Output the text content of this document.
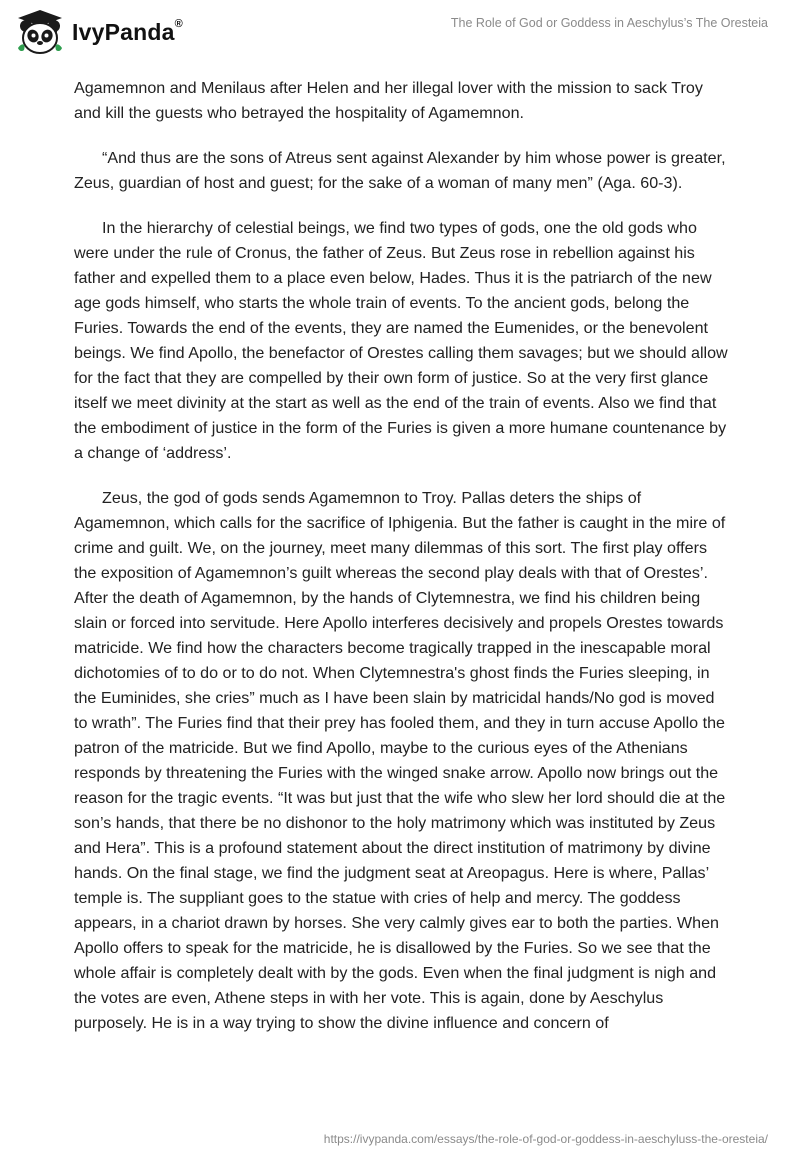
IvyPanda®	The Role of God or Goddess in Aeschylus’s The Oresteia

Agamemnon and Menilaus after Helen and her illegal lover with the mission to sack Troy and kill the guests who betrayed the hospitality of Agamemnon.

“And thus are the sons of Atreus sent against Alexander by him whose power is greater, Zeus, guardian of host and guest; for the sake of a woman of many men” (Aga. 60-3).

In the hierarchy of celestial beings, we find two types of gods, one the old gods who were under the rule of Cronus, the father of Zeus. But Zeus rose in rebellion against his father and expelled them to a place even below, Hades. Thus it is the patriarch of the new age gods himself, who starts the whole train of events. To the ancient gods, belong the Furies. Towards the end of the events, they are named the Eumenides, or the benevolent beings. We find Apollo, the benefactor of Orestes calling them savages; but we should allow for the fact that they are compelled by their own form of justice. So at the very first glance itself we meet divinity at the start as well as the end of the train of events. Also we find that the embodiment of justice in the form of the Furies is given a more humane countenance by a change of ‘address’.

Zeus, the god of gods sends Agamemnon to Troy. Pallas deters the ships of Agamemnon, which calls for the sacrifice of Iphigenia. But the father is caught in the mire of crime and guilt. We, on the journey, meet many dilemmas of this sort. The first play offers the exposition of Agamemnon’s guilt whereas the second play deals with that of Orestes’. After the death of Agamemnon, by the hands of Clytemnestra, we find his children being slain or forced into servitude. Here Apollo interferes decisively and propels Orestes towards matricide. We find how the characters become tragically trapped in the inescapable moral dichotomies of to do or to do not. When Clytemnestra's ghost finds the Furies sleeping, in the Euminides, she cries” much as I have been slain by matricidal hands/No god is moved to wrath”. The Furies find that their prey has fooled them, and they in turn accuse Apollo the patron of the matricide. But we find Apollo, maybe to the curious eyes of the Athenians responds by threatening the Furies with the winged snake arrow. Apollo now brings out the reason for the tragic events. “It was but just that the wife who slew her lord should die at the son’s hands, that there be no dishonor to the holy matrimony which was instituted by Zeus and Hera”. This is a profound statement about the direct institution of matrimony by divine hands. On the final stage, we find the judgment seat at Areopagus. Here is where, Pallas’ temple is. The suppliant goes to the statue with cries of help and mercy. The goddess appears, in a chariot drawn by horses. She very calmly gives ear to both the parties. When Apollo offers to speak for the matricide, he is disallowed by the Furies. So we see that the whole affair is completely dealt with by the gods. Even when the final judgment is nigh and the votes are even, Athene steps in with her vote. This is again, done by Aeschylus purposely. He is in a way trying to show the divine influence and concern of

https://ivypanda.com/essays/the-role-of-god-or-goddess-in-aeschyluss-the-oresteia/
